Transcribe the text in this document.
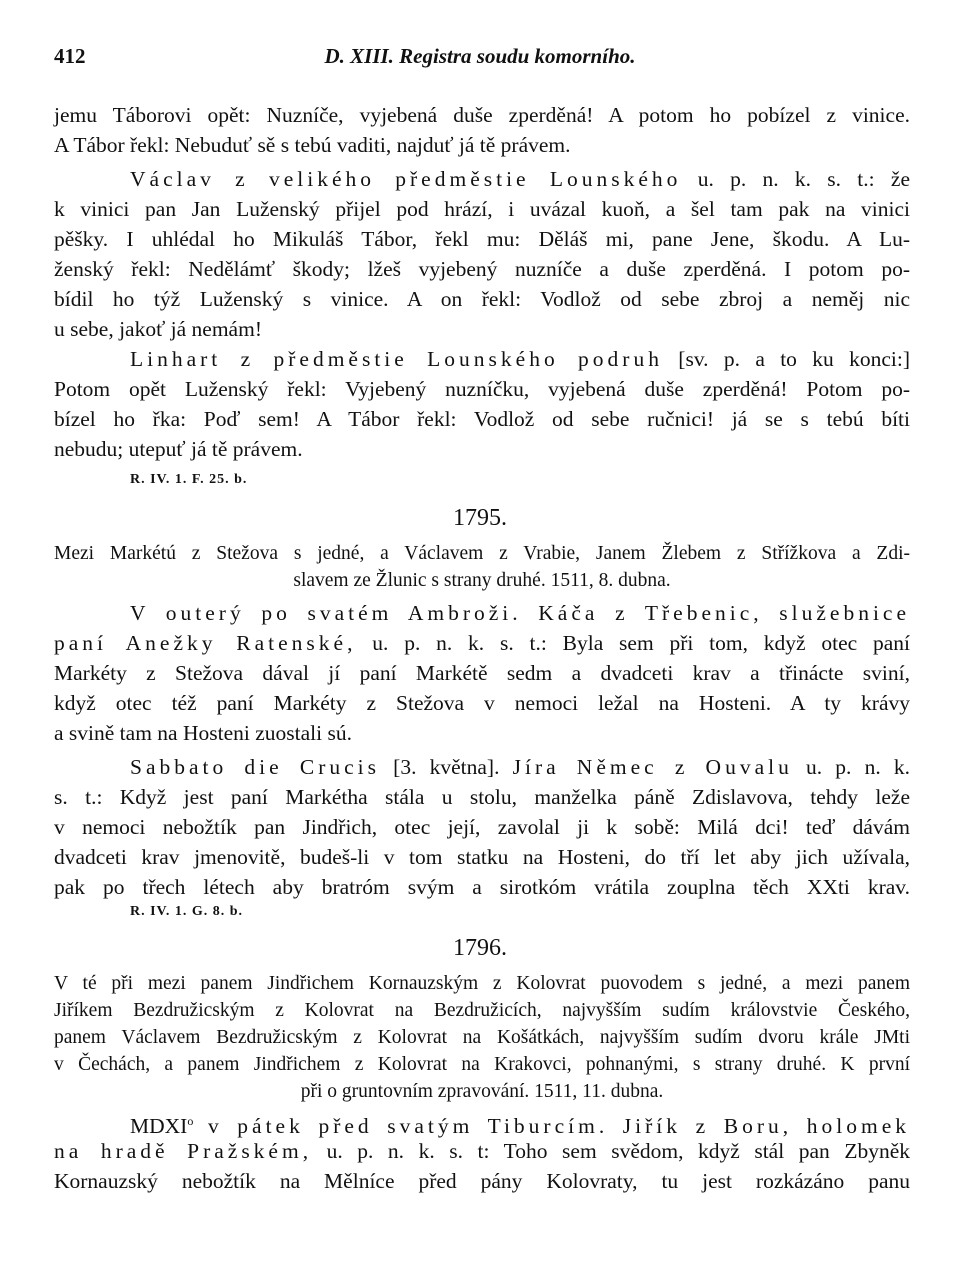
412	D. XIII. Registra soudu komorního.
jemu Táborovi opět: Nuzníče, vyjebená duše zperděná! A potom ho pobízel z vinice.
A Tábor řekl: Nebuduť sě s tebú vaditi, najduť já tě právem.
Václav z velikého předměstie Lounského u. p. n. k. s. t.: že
k vinici pan Jan Luženský přijel pod hrází, i uvázal kuoň, a šel tam pak na vinici
pěšky. I uhlédal ho Mikuláš Tábor, řekl mu: Děláš mi, pane Jene, škodu. A Lu-
ženský řekl: Nedělámť škody; lžeš vyjebený nuzníče a duše zperděná. I potom po-
bídil ho týž Luženský s vinice. A on řekl: Vodlož od sebe zbroj a neměj nic
u sebe, jakoť já nemám!
Linhart z předměstie Lounského podruh [sv. p. a to ku konci:]
Potom opět Luženský řekl: Vyjebený nuzníčku, vyjebená duše zperděná! Potom po-
bízel ho řka: Poď sem! A Tábor řekl: Vodlož od sebe ručnici! já se s tebú bíti
nebudu; utepuť já tě právem.
R. IV. 1. F. 25. b.
1795.
Mezi Markétú z Stežova s jedné, a Václavem z Vrabie, Janem Žlebem z Střížkova a Zdi-
slavem ze Žlunic s strany druhé. 1511, 8. dubna.
V outerý po svatém Ambroži. Káča z Třebenic, služebnice
paní Anežky Ratenské, u. p. n. k. s. t.: Byla sem při tom, když otec paní
Markéty z Stežova dával jí paní Markétě sedm a dvadceti krav a třinácte sviní,
když otec též paní Markéty z Stežova v nemoci ležal na Hosteni. A ty krávy
a svině tam na Hosteni zuostali sú.
Sabbato die Crucis [3. května]. Jíra Němec z Ouvalu u. p. n. k.
s. t.: Když jest paní Markétha stála u stolu, manželka páně Zdislavova, tehdy leže
v nemoci nebožtík pan Jindřich, otec její, zavolal ji k sobě: Milá dci! teď dávám
dvadceti krav jmenovitě, budeš-li v tom statku na Hosteni, do tří let aby jich užívala,
pak po třech létech aby bratróm svým a sirotkóm vrátila zouplna těch XXti krav.
R. IV. 1. G. 8. b.
1796.
V té při mezi panem Jindřichem Kornauzským z Kolovrat puovodem s jedné, a mezi panem
Jiříkem Bezdružicským z Kolovrat na Bezdružicích, najvyšším sudím královstvie Českého,
panem Václavem Bezdružicským z Kolovrat na Košátkách, najvyšším sudím dvoru krále JMti
v Čechách, a panem Jindřichem z Kolovrat na Krakovci, pohnanými, s strany druhé. K první
při o gruntovním zpravování. 1511, 11. dubna.
MDXI$^o$ v pátek před svatým Tiburcím. Jiřík z Boru, holomek
na hradě Pražském, u. p. n. k. s. t: Toho sem svědom, když stál pan Zbyněk
Kornauzský nebožtík na Mělníce před pány Kolovraty, tu jest rozkázáno panu
